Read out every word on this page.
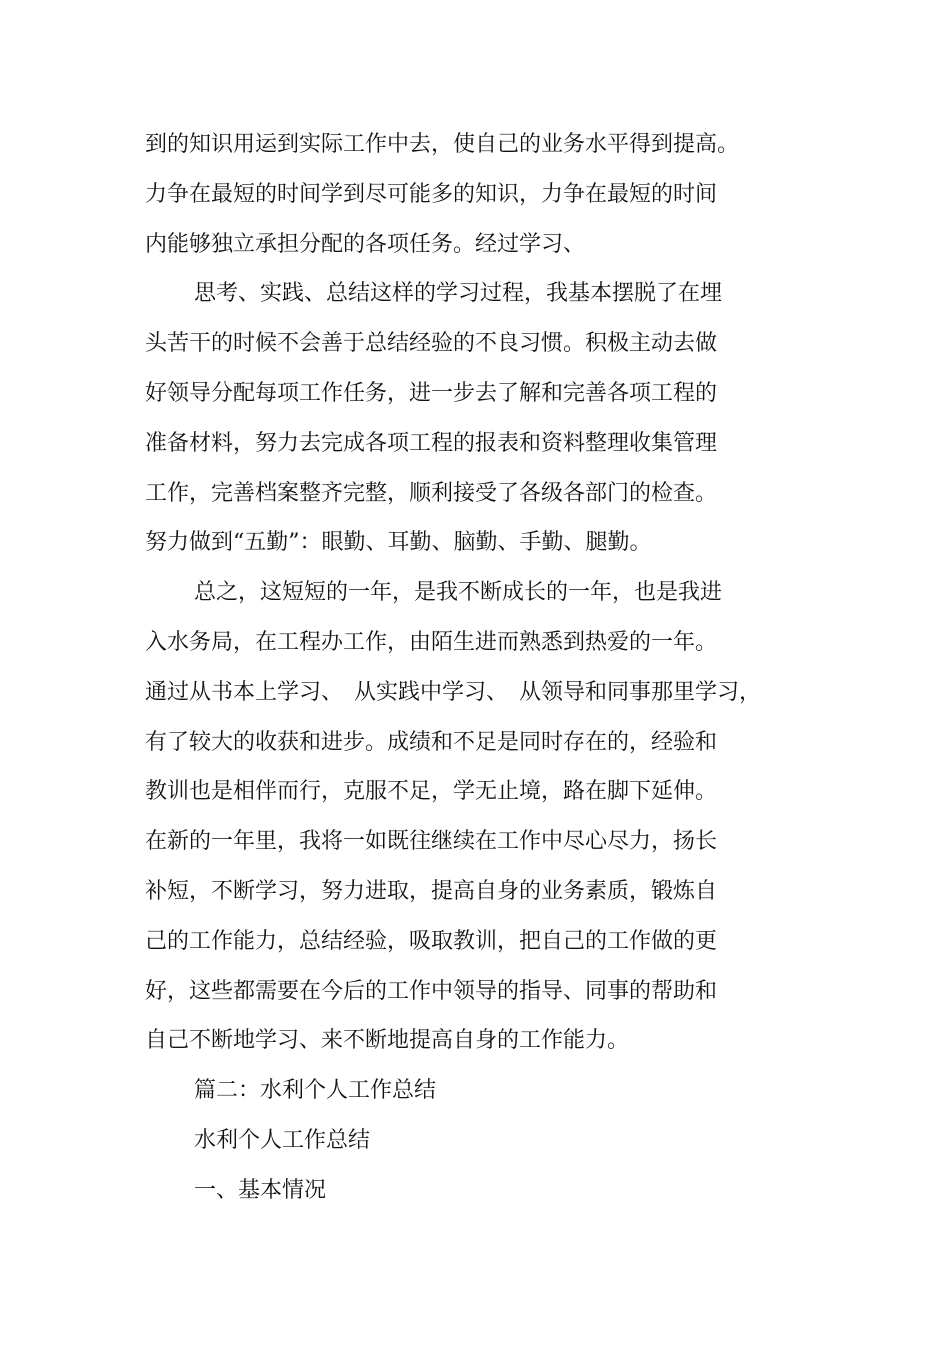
到的知识用运到实际工作中去，使自己的业务水平得到提高。
力争在最短的时间学到尽可能多的知识，力争在最短的时间
内能够独立承担分配的各项任务。经过学习、
思考、实践、总结这样的学习过程，我基本摆脱了在埋
头苦干的时候不会善于总结经验的不良习惯。积极主动去做
好领导分配每项工作任务，进一步去了解和完善各项工程的
准备材料，努力去完成各项工程的报表和资料整理收集管理
工作，完善档案整齐完整，顺利接受了各级各部门的检查。
努力做到“五勤”：眼勤、耳勤、脑勤、手勤、腿勤。
总之，这短短的一年，是我不断成长的一年，也是我进
入水务局，在工程办工作，由陌生进而熟悉到热爱的一年。
通过从书本上学习、　从实践中学习、　从领导和同事那里学习，
有了较大的收获和进步。成绩和不足是同时存在的，经验和
教训也是相伴而行，克服不足，学无止境，路在脚下延伸。
在新的一年里，我将一如既往继续在工作中尽心尽力，扬长
补短，不断学习，努力进取，提高自身的业务素质，锻炼自
己的工作能力，总结经验，吸取教训，把自己的工作做的更
好，这些都需要在今后的工作中领导的指导、同事的帮助和
自己不断地学习、来不断地提高自身的工作能力。
篇二：水利个人工作总结
水利个人工作总结
一、基本情况
